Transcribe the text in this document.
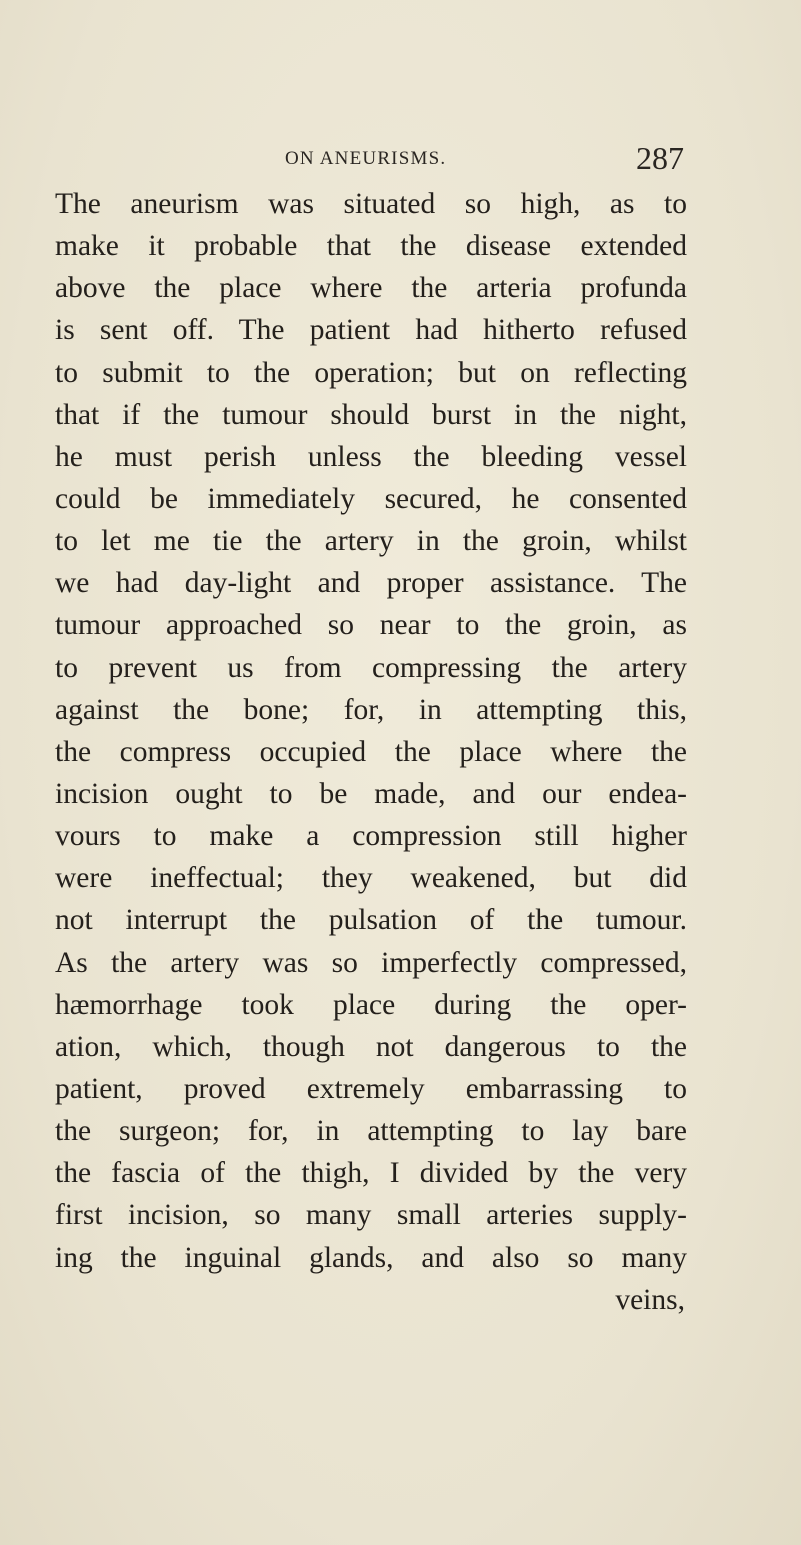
ON ANEURISMS.	287
The aneurism was situated so high, as to
make it probable that the disease extended
above the place where the arteria profunda
is sent off. The patient had hitherto refused
to submit to the operation; but on reflecting
that if the tumour should burst in the night,
he must perish unless the bleeding vessel
could be immediately secured, he consented
to let me tie the artery in the groin, whilst
we had day-light and proper assistance. The
tumour approached so near to the groin, as
to prevent us from compressing the artery
against the bone; for, in attempting this,
the compress occupied the place where the
incision ought to be made, and our endea-
vours to make a compression still higher
were ineffectual; they weakened, but did
not interrupt the pulsation of the tumour.
As the artery was so imperfectly compressed,
hæmorrhage took place during the oper-
ation, which, though not dangerous to the
patient, proved extremely embarrassing to
the surgeon; for, in attempting to lay bare
the fascia of the thigh, I divided by the very
first incision, so many small arteries supply-
ing the inguinal glands, and also so many
veins,
